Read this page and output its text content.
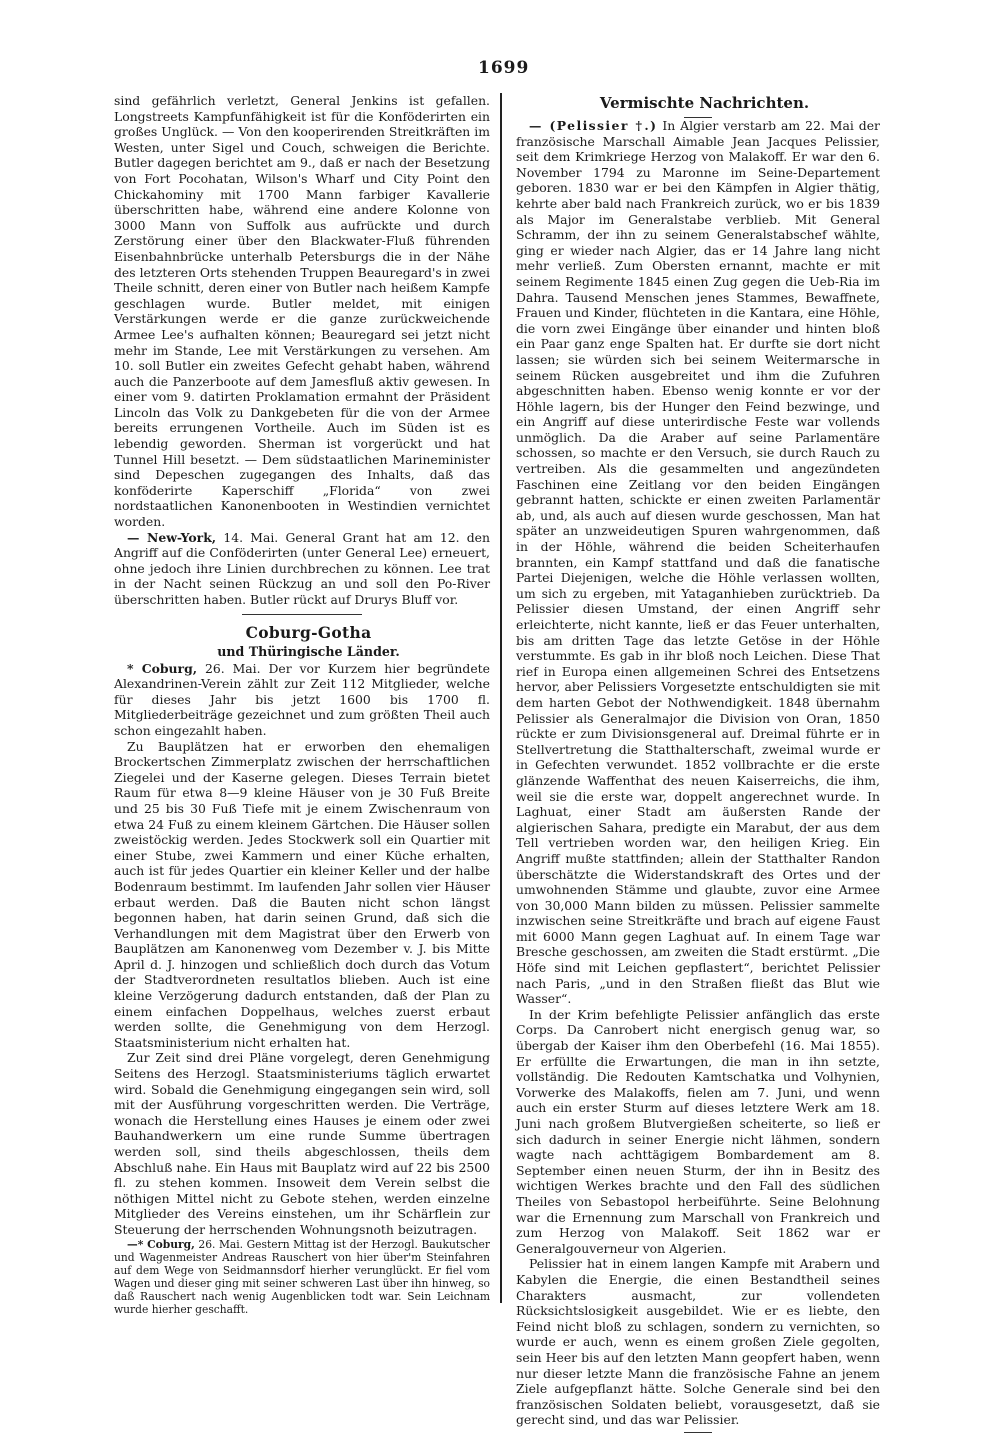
1699

sind gefährlich verletzt, General Jenkins ist gefallen. Longstreets Kampfunfähigkeit ist für die Konföderirten ein großes Unglück. — Von den kooperirenden Streitkräften im Westen, unter Sigel und Couch, schweigen die Berichte. Butler dagegen berichtet am 9., daß er nach der Besetzung von Fort Pocohatan, Wilson's Wharf und City Point den Chickahominy mit 1700 Mann farbiger Kavallerie überschritten habe, während eine andere Kolonne von 3000 Mann von Suffolk aus aufrückte und durch Zerstörung einer über den Blackwater-Fluß führenden Eisenbahnbrücke unterhalb Petersburgs die in der Nähe des letzteren Orts stehenden Truppen Beauregard's in zwei Theile schnitt, deren einer von Butler nach heißem Kampfe geschlagen wurde. Butler meldet, mit einigen Verstärkungen werde er die ganze zurückweichende Armee Lee's aufhalten können; Beauregard sei jetzt nicht mehr im Stande, Lee mit Verstärkungen zu versehen. Am 10. soll Butler ein zweites Gefecht gehabt haben, während auch die Panzerboote auf dem Jamesfluß aktiv gewesen. In einer vom 9. datirten Proklamation ermahnt der Präsident Lincoln das Volk zu Dankgebeten für die von der Armee bereits errungenen Vortheile. Auch im Süden ist es lebendig geworden. Sherman ist vorgerückt und hat Tunnel Hill besetzt. — Dem südstaatlichen Marineminister sind Depeschen zugegangen des Inhalts, daß das konföderirte Kaperschiff „Florida“ von zwei nordstaatlichen Kanonenbooten in Westindien vernichtet worden.

— New-York, 14. Mai. General Grant hat am 12. den Angriff auf die Conföderirten (unter General Lee) erneuert, ohne jedoch ihre Linien durchbrechen zu können. Lee trat in der Nacht seinen Rückzug an und soll den Po-River überschritten haben. Butler rückt auf Drurys Bluff vor.

Coburg-Gotha

und Thüringische Länder.

* Coburg, 26. Mai. Der vor Kurzem hier begründete Alexandrinen-Verein zählt zur Zeit 112 Mitglieder, welche für dieses Jahr bis jetzt 1600 bis 1700 fl. Mitgliederbeiträge gezeichnet und zum größten Theil auch schon eingezahlt haben.

Zu Bauplätzen hat er erworben den ehemaligen Brockertschen Zimmerplatz zwischen der herrschaftlichen Ziegelei und der Kaserne gelegen. Dieses Terrain bietet Raum für etwa 8—9 kleine Häuser von je 30 Fuß Breite und 25 bis 30 Fuß Tiefe mit je einem Zwischenraum von etwa 24 Fuß zu einem kleinem Gärtchen. Die Häuser sollen zweistöckig werden. Jedes Stockwerk soll ein Quartier mit einer Stube, zwei Kammern und einer Küche erhalten, auch ist für jedes Quartier ein kleiner Keller und der halbe Bodenraum bestimmt. Im laufenden Jahr sollen vier Häuser erbaut werden. Daß die Bauten nicht schon längst begonnen haben, hat darin seinen Grund, daß sich die Verhandlungen mit dem Magistrat über den Erwerb von Bauplätzen am Kanonenweg vom Dezember v. J. bis Mitte April d. J. hinzogen und schließlich doch durch das Votum der Stadtverordneten resultatlos blieben. Auch ist eine kleine Verzögerung dadurch entstanden, daß der Plan zu einem einfachen Doppelhaus, welches zuerst erbaut werden sollte, die Genehmigung von dem Herzogl. Staatsministerium nicht erhalten hat.

Zur Zeit sind drei Pläne vorgelegt, deren Genehmigung Seitens des Herzogl. Staatsministeriums täglich erwartet wird. Sobald die Genehmigung eingegangen sein wird, soll mit der Ausführung vorgeschritten werden. Die Verträge, wonach die Herstellung eines Hauses je einem oder zwei Bauhandwerkern um eine runde Summe übertragen werden soll, sind theils abgeschlossen, theils dem Abschluß nahe. Ein Haus mit Bauplatz wird auf 22 bis 2500 fl. zu stehen kommen. Insoweit dem Verein selbst die nöthigen Mittel nicht zu Gebote stehen, werden einzelne Mitglieder des Vereins einstehen, um ihr Schärflein zur Steuerung der herrschenden Wohnungsnoth beizutragen.

—* Coburg, 26. Mai. Gestern Mittag ist der Herzogl. Baukutscher und Wagenmeister Andreas Rauschert von hier über'm Steinfahren auf dem Wege von Seidmannsdorf hierher verunglückt. Er fiel vom Wagen und dieser ging mit seiner schweren Last über ihn hinweg, so daß Rauschert nach wenig Augenblicken todt war. Sein Leichnam wurde hierher geschafft.

Vermischte Nachrichten.

— (Pelissier †.) In Algier verstarb am 22. Mai der französische Marschall Aimable Jean Jacques Pelissier, seit dem Krimkriege Herzog von Malakoff. Er war den 6. November 1794 zu Maronne im Seine-Departement geboren. 1830 war er bei den Kämpfen in Algier thätig, kehrte aber bald nach Frankreich zurück, wo er bis 1839 als Major im Generalstabe verblieb. Mit General Schramm, der ihn zu seinem Generalstabschef wählte, ging er wieder nach Algier, das er 14 Jahre lang nicht mehr verließ. Zum Obersten ernannt, machte er mit seinem Regimente 1845 einen Zug gegen die Ueb-Ria im Dahra. Tausend Menschen jenes Stammes, Bewaffnete, Frauen und Kinder, flüchteten in die Kantara, eine Höhle, die vorn zwei Eingänge über einander und hinten bloß ein Paar ganz enge Spalten hat. Er durfte sie dort nicht lassen; sie würden sich bei seinem Weitermarsche in seinem Rücken ausgebreitet und ihm die Zufuhren abgeschnitten haben. Ebenso wenig konnte er vor der Höhle lagern, bis der Hunger den Feind bezwinge, und ein Angriff auf diese unterirdische Feste war vollends unmöglich. Da die Araber auf seine Parlamentäre schossen, so machte er den Versuch, sie durch Rauch zu vertreiben. Als die gesammelten und angezündeten Faschinen eine Zeitlang vor den beiden Eingängen gebrannt hatten, schickte er einen zweiten Parlamentär ab, und, als auch auf diesen wurde geschossen, Man hat später an unzweideutigen Spuren wahrgenommen, daß in der Höhle, während die beiden Scheiterhaufen brannten, ein Kampf stattfand und daß die fanatische Partei Diejenigen, welche die Höhle verlassen wollten, um sich zu ergeben, mit Yataganhieben zurücktrieb. Da Pelissier diesen Umstand, der einen Angriff sehr erleichterte, nicht kannte, ließ er das Feuer unterhalten, bis am dritten Tage das letzte Getöse in der Höhle verstummte. Es gab in ihr bloß noch Leichen. Diese That rief in Europa einen allgemeinen Schrei des Entsetzens hervor, aber Pelissiers Vorgesetzte entschuldigten sie mit dem harten Gebot der Nothwendigkeit. 1848 übernahm Pelissier als Generalmajor die Division von Oran, 1850 rückte er zum Divisionsgeneral auf. Dreimal führte er in Stellvertretung die Statthalterschaft, zweimal wurde er in Gefechten verwundet. 1852 vollbrachte er die erste glänzende Waffenthat des neuen Kaiserreichs, die ihm, weil sie die erste war, doppelt angerechnet wurde. In Laghuat, einer Stadt am äußersten Rande der algierischen Sahara, predigte ein Marabut, der aus dem Tell vertrieben worden war, den heiligen Krieg. Ein Angriff mußte stattfinden; allein der Statthalter Randon überschätzte die Widerstandskraft des Ortes und der umwohnenden Stämme und glaubte, zuvor eine Armee von 30,000 Mann bilden zu müssen. Pelissier sammelte inzwischen seine Streitkräfte und brach auf eigene Faust mit 6000 Mann gegen Laghuat auf. In einem Tage war Bresche geschossen, am zweiten die Stadt erstürmt. „Die Höfe sind mit Leichen gepflastert“, berichtet Pelissier nach Paris, „und in den Straßen fließt das Blut wie Wasser“.

In der Krim befehligte Pelissier anfänglich das erste Corps. Da Canrobert nicht energisch genug war, so übergab der Kaiser ihm den Oberbefehl (16. Mai 1855). Er erfüllte die Erwartungen, die man in ihn setzte, vollständig. Die Redouten Kamtschatka und Volhynien, Vorwerke des Malakoffs, fielen am 7. Juni, und wenn auch ein erster Sturm auf dieses letztere Werk am 18. Juni nach großem Blutvergießen scheiterte, so ließ er sich dadurch in seiner Energie nicht lähmen, sondern wagte nach achttägigem Bombardement am 8. September einen neuen Sturm, der ihn in Besitz des wichtigen Werkes brachte und den Fall des südlichen Theiles von Sebastopol herbeiführte. Seine Belohnung war die Ernennung zum Marschall von Frankreich und zum Herzog von Malakoff. Seit 1862 war er Generalgouverneur von Algerien.

Pelissier hat in einem langen Kampfe mit Arabern und Kabylen die Energie, die einen Bestandtheil seines Charakters ausmacht, zur vollendeten Rücksichtslosigkeit ausgebildet. Wie er es liebte, den Feind nicht bloß zu schlagen, sondern zu vernichten, so wurde er auch, wenn es einem großen Ziele gegolten, sein Heer bis auf den letzten Mann geopfert haben, wenn nur dieser letzte Mann die französische Fahne an jenem Ziele aufgepflanzt hätte. Solche Generale sind bei den französischen Soldaten beliebt, vorausgesetzt, daß sie gerecht sind, und das war Pelissier.
